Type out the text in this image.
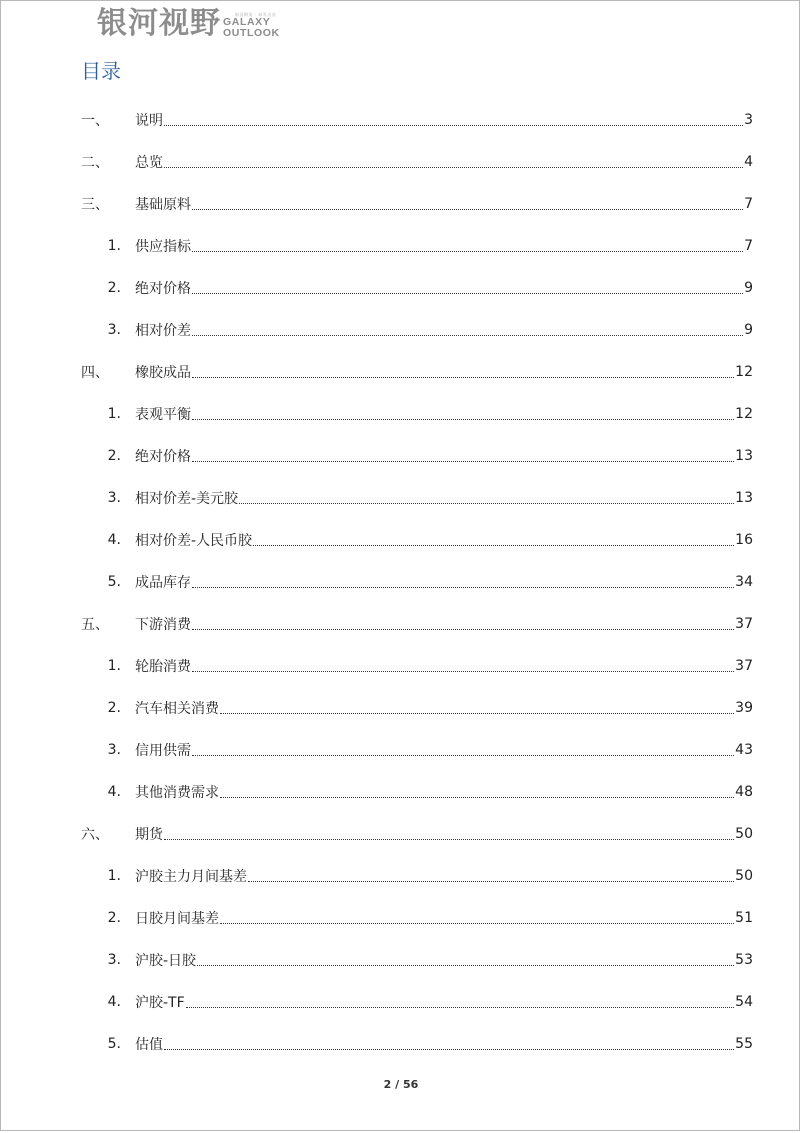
银河视野	银河期货 · 研发出品
GALAXY
OUTLOOK
目录
一、	说明	3
二、	总览	4
三、	基础原料	7
1.	供应指标	7
2.	绝对价格	9
3.	相对价差	9
四、	橡胶成品	12
1.	表观平衡	12
2.	绝对价格	13
3.	相对价差-美元胶	13
4.	相对价差-人民币胶	16
5.	成品库存	34
五、	下游消费	37
1.	轮胎消费	37
2.	汽车相关消费	39
3.	信用供需	43
4.	其他消费需求	48
六、	期货	50
1.	沪胶主力月间基差	50
2.	日胶月间基差	51
3.	沪胶-日胶	53
4.	沪胶-TF	54
5.	估值	55
2 / 56
